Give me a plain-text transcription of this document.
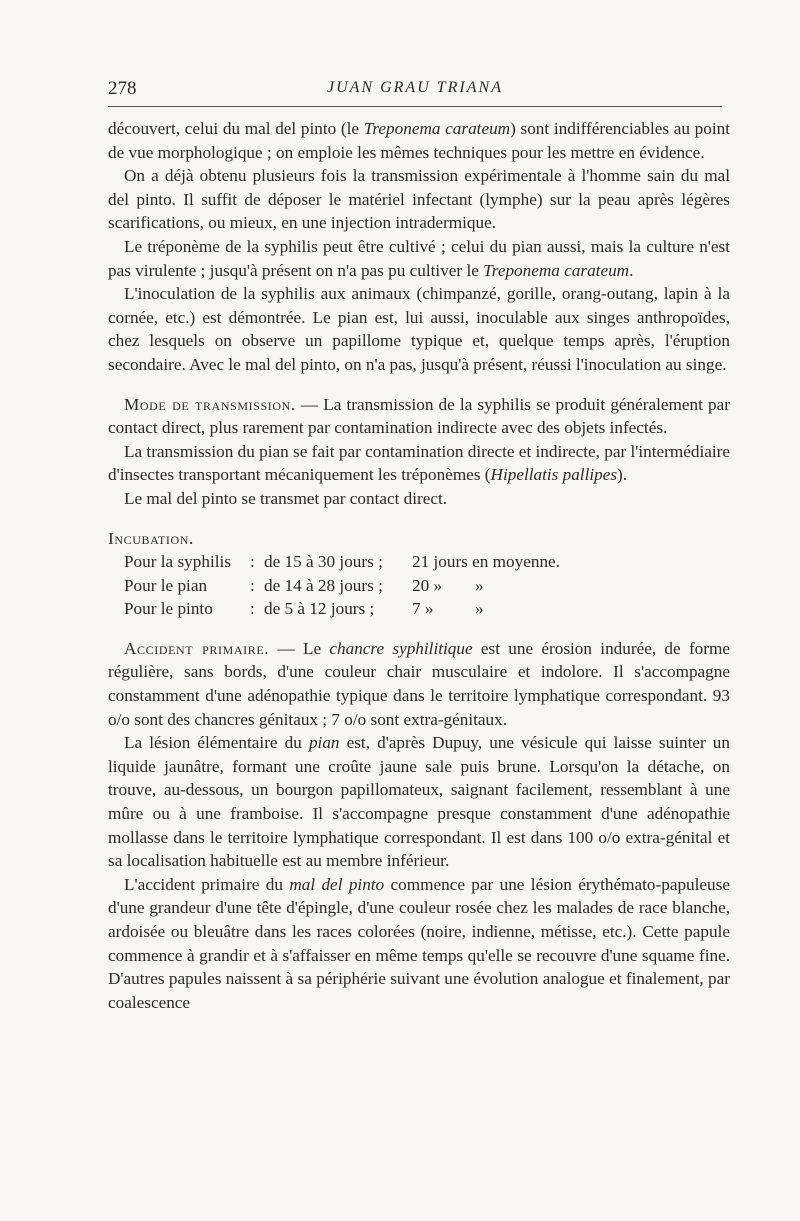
278	JUAN GRAU TRIANA

découvert, celui du mal del pinto (le Treponema carateum) sont indifférenciables au point de vue morphologique ; on emploie les mêmes techniques pour les mettre en évidence.

On a déjà obtenu plusieurs fois la transmission expérimentale à l'homme sain du mal del pinto. Il suffit de déposer le matériel infectant (lymphe) sur la peau après légères scarifications, ou mieux, en une injection intradermique.

Le tréponème de la syphilis peut être cultivé ; celui du pian aussi, mais la culture n'est pas virulente ; jusqu'à présent on n'a pas pu cultiver le Treponema carateum.

L'inoculation de la syphilis aux animaux (chimpanzé, gorille, orang-outang, lapin à la cornée, etc.) est démontrée. Le pian est, lui aussi, inoculable aux singes anthropoïdes, chez lesquels on observe un papillome typique et, quelque temps après, l'éruption secondaire. Avec le mal del pinto, on n'a pas, jusqu'à présent, réussi l'inoculation au singe.

Mode de transmission. — La transmission de la syphilis se produit généralement par contact direct, plus rarement par contamination indirecte avec des objets infectés.

La transmission du pian se fait par contamination directe et indirecte, par l'intermédiaire d'insectes transportant mécaniquement les tréponèmes (Hipellatis pallipes).

Le mal del pinto se transmet par contact direct.

Incubation.

Pour la syphilis	: de 15 à 30 jours ;	21 jours en moyenne.
Pour le pian	: de 14 à 28 jours ;	20 »	»
Pour le pinto	: de 5 à 12 jours ;	7 »	»

Accident primaire. — Le chancre syphilitique est une érosion indurée, de forme régulière, sans bords, d'une couleur chair musculaire et indolore. Il s'accompagne constamment d'une adénopathie typique dans le territoire lymphatique correspondant. 93 o/o sont des chancres génitaux ; 7 o/o sont extra-génitaux.

La lésion élémentaire du pian est, d'après Dupuy, une vésicule qui laisse suinter un liquide jaunâtre, formant une croûte jaune sale puis brune. Lorsqu'on la détache, on trouve, au-dessous, un bourgon papillomateux, saignant facilement, ressemblant à une mûre ou à une framboise. Il s'accompagne presque constamment d'une adénopathie mollasse dans le territoire lymphatique correspondant. Il est dans 100 o/o extra-génital et sa localisation habituelle est au membre inférieur.

L'accident primaire du mal del pinto commence par une lésion érythémato-papuleuse d'une grandeur d'une tête d'épingle, d'une couleur rosée chez les malades de race blanche, ardoisée ou bleuâtre dans les races colorées (noire, indienne, métisse, etc.). Cette papule commence à grandir et à s'affaisser en même temps qu'elle se recouvre d'une squame fine. D'autres papules naissent à sa périphérie suivant une évolution analogue et finalement, par coalescence
